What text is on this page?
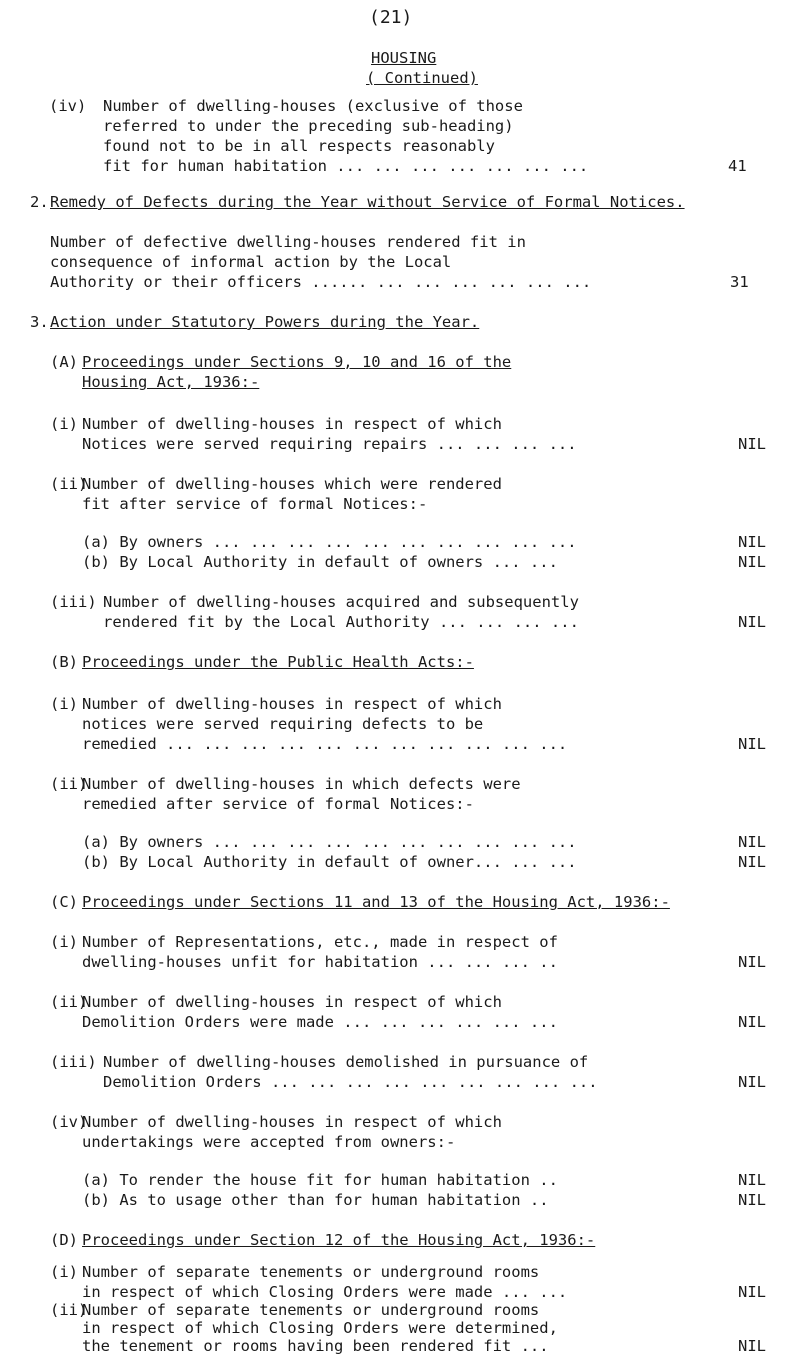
(21)
HOUSING
( Continued)
(iv) Number of dwelling-houses (exclusive of those
referred to under the preceding sub-heading)
found not to be in all respects reasonably
fit for human habitation ... ... ... ... ... ... ...	41
2. Remedy of Defects during the Year without Service of Formal Notices.
Number of defective dwelling-houses rendered fit in
consequence of informal action by the Local
Authority or their officers ...... ... ... ... ... ... ...	31
3. Action under Statutory Powers during the Year.
(A) Proceedings under Sections 9, 10 and 16 of the
Housing Act, 1936:-
(i) Number of dwelling-houses in respect of which
Notices were served requiring repairs ... ... ... ...	NIL
(ii)
Number of dwelling-houses which were rendered
fit after service of formal Notices:-
(a) By owners ... ... ... ... ... ... ... ... ... ...	NIL
(b) By Local Authority in default of owners ... ...	NIL
(iii) Number of dwelling-houses acquired and subsequently
rendered fit by the Local Authority ... ... ... ...	NIL
(B) Proceedings under the Public Health Acts:-
(i) Number of dwelling-houses in respect of which
notices were served requiring defects to be
remedied ... ... ... ... ... ... ... ... ... ... ...	NIL
(ii)
Number of dwelling-houses in which defects were
remedied after service of formal Notices:-
(a) By owners ... ... ... ... ... ... ... ... ... ...	NIL
(b) By Local Authority in default of owner... ... ...	NIL
(C) Proceedings under Sections 11 and 13 of the Housing Act, 1936:-
(i) Number of Representations, etc., made in respect of
dwelling-houses unfit for habitation ... ... ... ..	NIL
(ii)
Number of dwelling-houses in respect of which
Demolition Orders were made ... ... ... ... ... ...	NIL
(iii) Number of dwelling-houses demolished in pursuance of
Demolition Orders ... ... ... ... ... ... ... ... ...	NIL
(iv)
Number of dwelling-houses in respect of which
undertakings were accepted from owners:-
(a) To render the house fit for human habitation ..	NIL
(b) As to usage other than for human habitation ..	NIL
(D) Proceedings under Section 12 of the Housing Act, 1936:-
(i) Number of separate tenements or underground rooms
in respect of which Closing Orders were made ... ...	NIL
(ii)
Number of separate tenements or underground rooms
in respect of which Closing Orders were determined,
the tenement or rooms having been rendered fit ...	NIL
